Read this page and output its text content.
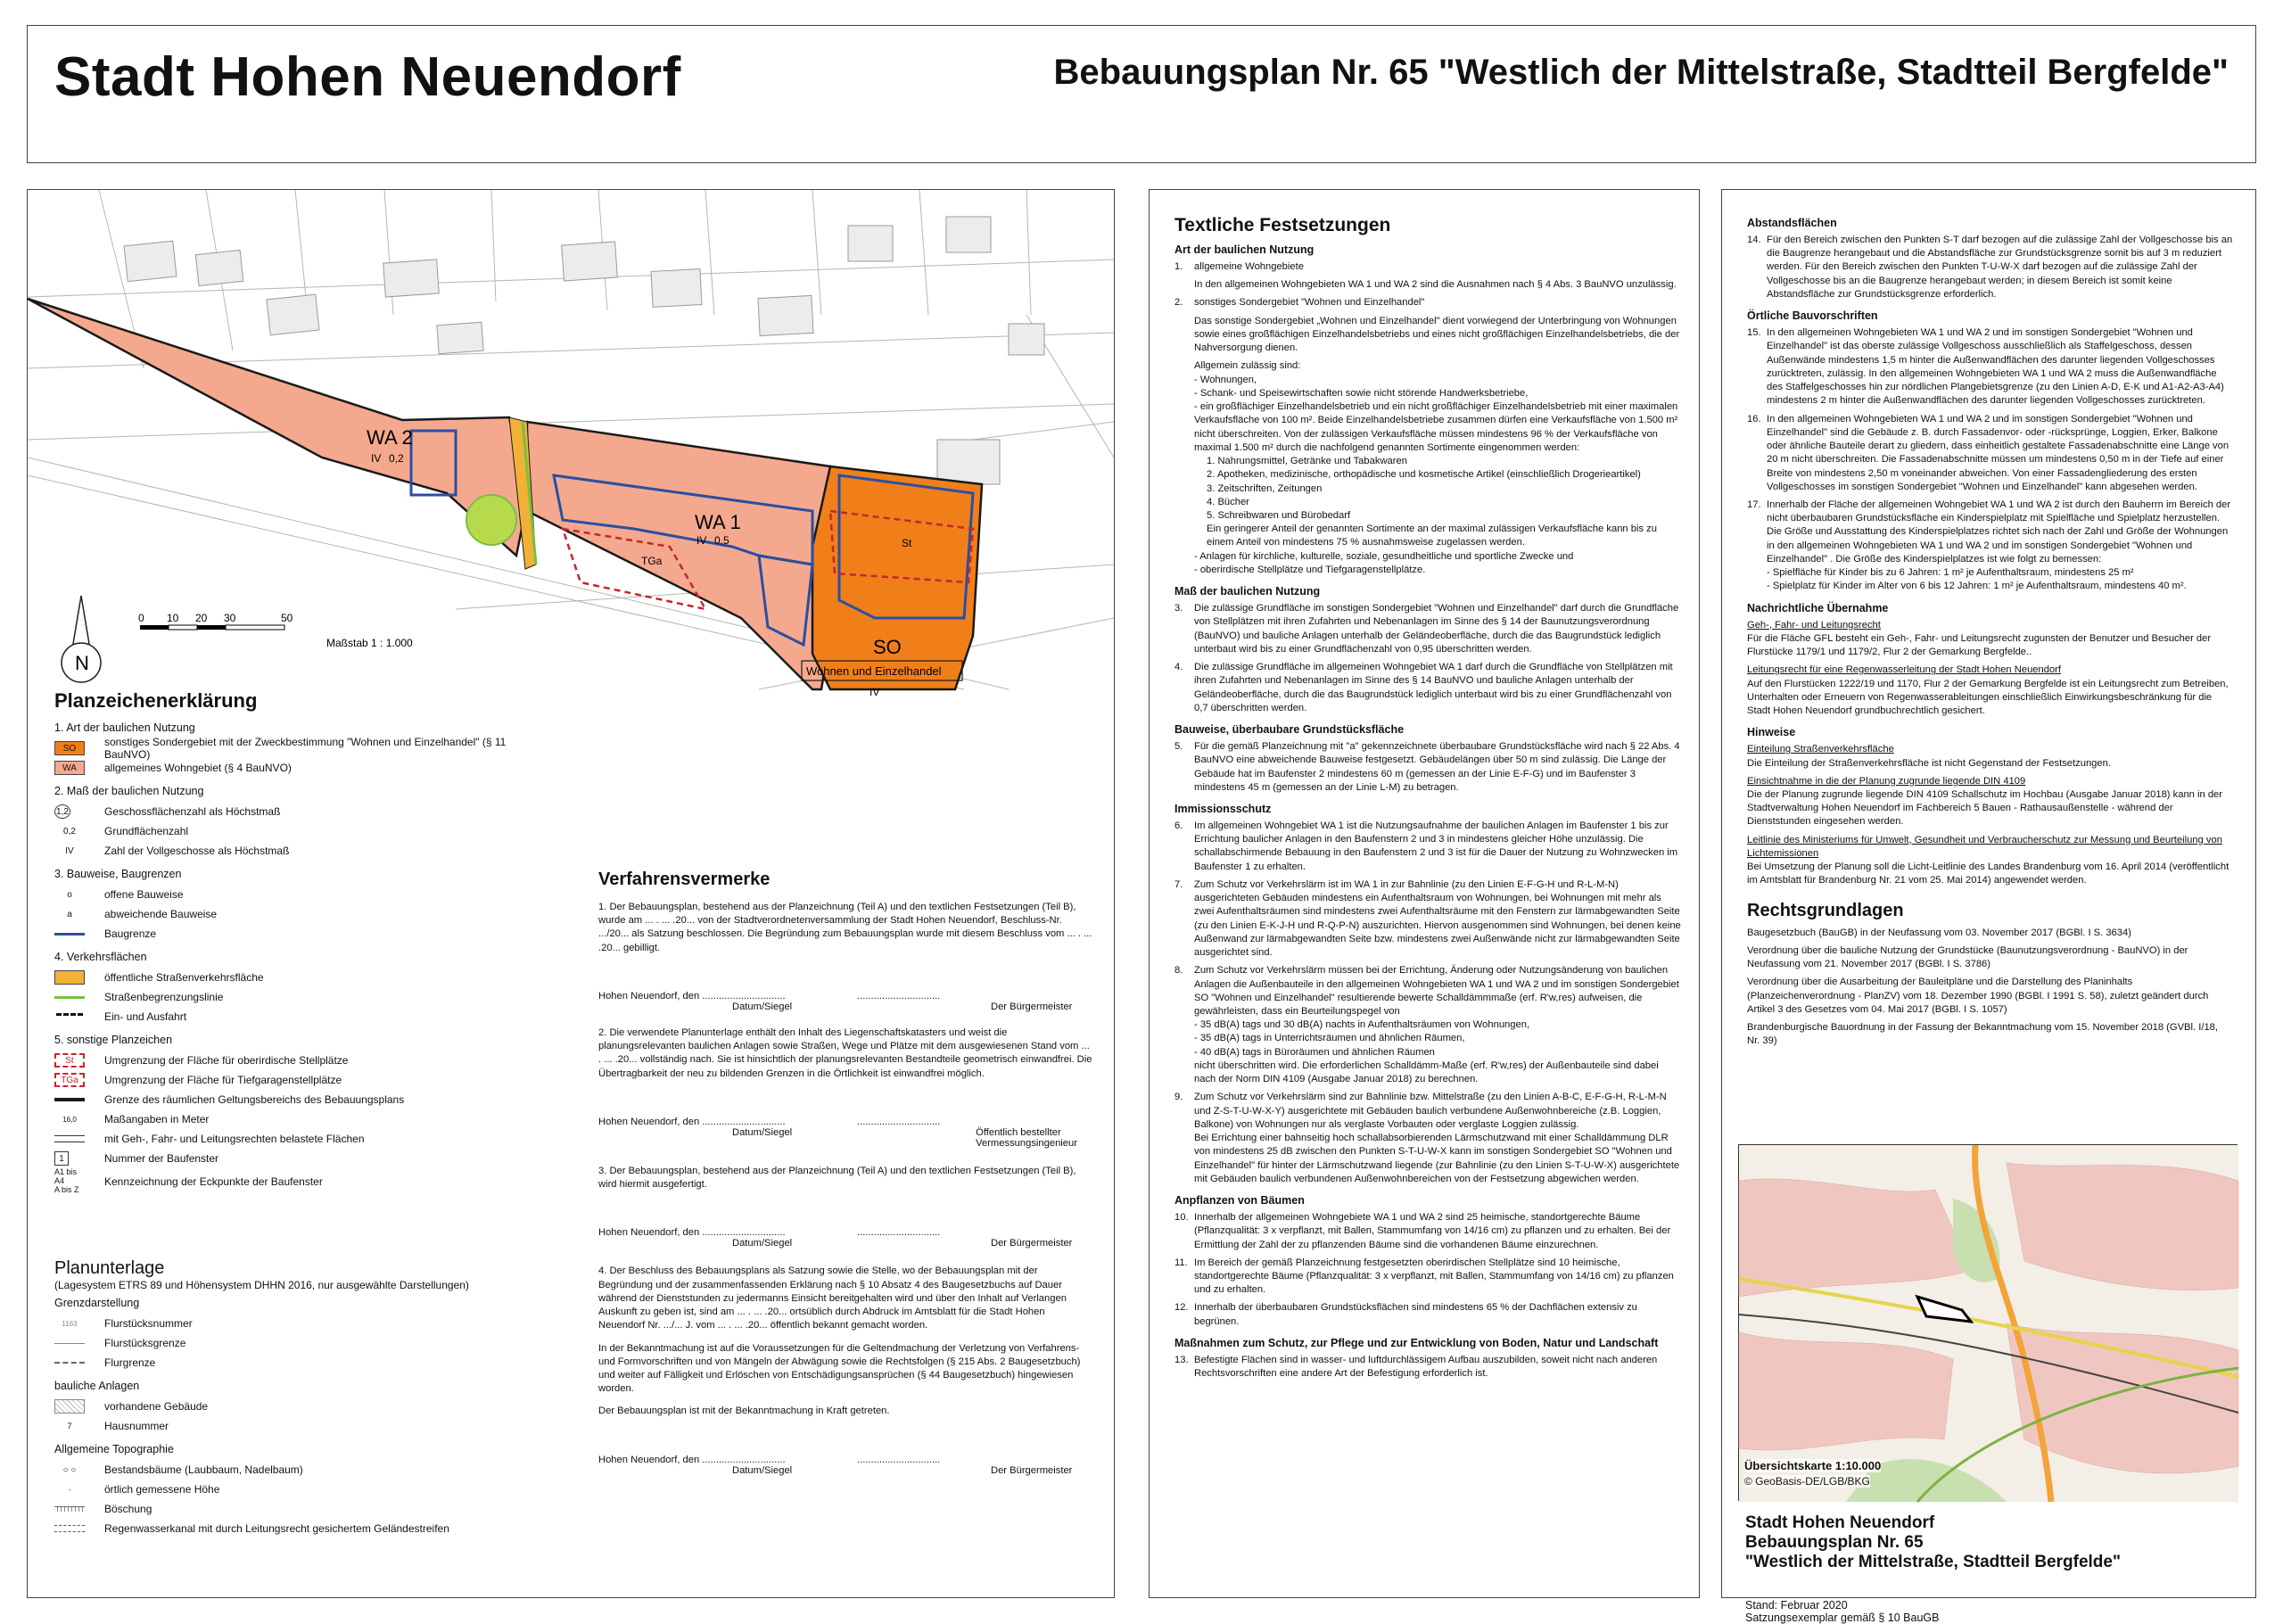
Stadt Hohen Neuendorf	Bebauungsplan Nr. 65 "Westlich der Mittelstraße, Stadtteil Bergfelde"
WA 2
WA 1
SO
Wohnen und Einzelhandel
TGa
St
IV 0,2
IV 0,5
IV
N
0 10 20 30	50
Maßstab 1 : 1.000
Planzeichenerklärung
1. Art der baulichen Nutzung
SO	sonstiges Sondergebiet mit der Zweckbestimmung "Wohnen und Einzelhandel" (§ 11 BauNVO)
WA	allgemeines Wohngebiet (§ 4 BauNVO)
2. Maß der baulichen Nutzung
1,2	Geschossflächenzahl als Höchstmaß
0,2	Grundflächenzahl
IV	Zahl der Vollgeschosse als Höchstmaß
3. Bauweise, Baugrenzen
o	offene Bauweise
a	abweichende Bauweise
Baugrenze
4. Verkehrsflächen
öffentliche Straßenverkehrsfläche
Straßenbegrenzungslinie
Ein- und Ausfahrt
5. sonstige Planzeichen
St	Umgrenzung der Fläche für oberirdische Stellplätze
TGa	Umgrenzung der Fläche für Tiefgaragenstellplätze
Grenze des räumlichen Geltungsbereichs des Bebauungsplans
16,0	Maßangaben in Meter
mit Geh-, Fahr- und Leitungsrechten belastete Flächen
1	Nummer der Baufenster
A1 bis A4
A bis Z
Kennzeichnung der Eckpunkte der Baufenster
Planunterlage
(Lagesystem ETRS 89 und Höhensystem DHHN 2016, nur ausgewählte Darstellungen)
Grenzdarstellung
1163	Flurstücksnummer
Flurstücksgrenze
Flurgrenze
bauliche Anlagen
vorhandene Gebäude
7	Hausnummer
Allgemeine Topographie
○ ○	Bestandsbäume (Laubbaum, Nadelbaum)
·	örtlich gemessene Höhe
Böschung
Regenwasserkanal mit durch Leitungsrecht gesichertem Geländestreifen
Verfahrensvermerke
1. Der Bebauungsplan, bestehend aus der Planzeichnung (Teil A) und den textlichen Festsetzungen (Teil B), wurde am ... . ... .20... von der Stadtverordnetenversammlung der Stadt Hohen Neuendorf, Beschluss-Nr. .../20... als Satzung beschlossen. Die Begründung zum Bebauungsplan wurde mit diesem Beschluss vom ... . ... .20... gebilligt.
Hohen Neuendorf, den ..............................	..............................
Datum/Siegel	Der Bürgermeister
2. Die verwendete Planunterlage enthält den Inhalt des Liegenschaftskatasters und weist die planungsrelevanten baulichen Anlagen sowie Straßen, Wege und Plätze mit dem ausgewiesenen Stand vom ... . ... .20... vollständig nach. Sie ist hinsichtlich der planungsrelevanten Bestandteile geometrisch einwandfrei. Die Übertragbarkeit der neu zu bildenden Grenzen in die Örtlichkeit ist einwandfrei möglich.
Hohen Neuendorf, den ..............................	..............................
Datum/Siegel	Öffentlich bestellter Vermessungsingenieur
3. Der Bebauungsplan, bestehend aus der Planzeichnung (Teil A) und den textlichen Festsetzungen (Teil B), wird hiermit ausgefertigt.
Hohen Neuendorf, den ..............................	..............................
Datum/Siegel	Der Bürgermeister
4. Der Beschluss des Bebauungsplans als Satzung sowie die Stelle, wo der Bebauungsplan mit der Begründung und der zusammenfassenden Erklärung nach § 10 Absatz 4 des Baugesetzbuchs auf Dauer während der Dienststunden zu jedermanns Einsicht bereitgehalten wird und über den Inhalt auf Verlangen Auskunft zu geben ist, sind am ... . ... .20... ortsüblich durch Abdruck im Amtsblatt für die Stadt Hohen Neuendorf Nr. .../... J. vom ... . ... .20... öffentlich bekannt gemacht worden.
In der Bekanntmachung ist auf die Voraussetzungen für die Geltendmachung der Verletzung von Verfahrens- und Formvorschriften und von Mängeln der Abwägung sowie die Rechtsfolgen (§ 215 Abs. 2 Baugesetzbuch) und weiter auf Fälligkeit und Erlöschen von Entschädigungsansprüchen (§ 44 Baugesetzbuch) hingewiesen worden.
Der Bebauungsplan ist mit der Bekanntmachung in Kraft getreten.
Hohen Neuendorf, den ..............................	..............................
Datum/Siegel	Der Bürgermeister
Textliche Festsetzungen
Art der baulichen Nutzung
1. allgemeine Wohngebiete
In den allgemeinen Wohngebieten WA 1 und WA 2 sind die Ausnahmen nach § 4 Abs. 3 BauNVO unzulässig.
2. sonstiges Sondergebiet "Wohnen und Einzelhandel"
Das sonstige Sondergebiet „Wohnen und Einzelhandel" dient vorwiegend der Unterbringung von Wohnungen sowie eines großflächigen Einzelhandelsbetriebs und eines nicht großflächigen Einzelhandelsbetriebs, die der Nahversorgung dienen.
Allgemein zulässig sind:
- Wohnungen,
- Schank- und Speisewirtschaften sowie nicht störende Handwerksbetriebe,
- ein großflächiger Einzelhandelsbetrieb und ein nicht großflächiger Einzelhandelsbetrieb mit einer maximalen Verkaufsfläche von 100 m². Beide Einzelhandelsbetriebe zusammen dürfen eine Verkaufsfläche von 1.500 m² nicht überschreiten. Von der zulässigen Verkaufsfläche müssen mindestens 96 % der Verkaufsfläche von maximal 1.500 m² durch die nachfolgend genannten Sortimente eingenommen werden:
1. Nahrungsmittel, Getränke und Tabakwaren
2. Apotheken, medizinische, orthopädische und kosmetische Artikel (einschließlich Drogerieartikel)
3. Zeitschriften, Zeitungen
4. Bücher
5. Schreibwaren und Bürobedarf
Ein geringerer Anteil der genannten Sortimente an der maximal zulässigen Verkaufsfläche kann bis zu einem Anteil von mindestens 75 % ausnahmsweise zugelassen werden.
- Anlagen für kirchliche, kulturelle, soziale, gesundheitliche und sportliche Zwecke und
- oberirdische Stellplätze und Tiefgaragenstellplätze.
Maß der baulichen Nutzung
3. Die zulässige Grundfläche im sonstigen Sondergebiet "Wohnen und Einzelhandel" darf durch die Grundfläche von Stellplätzen mit ihren Zufahrten und Nebenanlagen im Sinne des § 14 der Baunutzungsverordnung (BauNVO) und bauliche Anlagen unterhalb der Geländeoberfläche, durch die das Baugrundstück lediglich unterbaut wird bis zu einer Grundflächenzahl von 0,95 überschritten werden.
4. Die zulässige Grundfläche im allgemeinen Wohngebiet WA 1 darf durch die Grundfläche von Stellplätzen mit ihren Zufahrten und Nebenanlagen im Sinne des § 14 BauNVO und bauliche Anlagen unterhalb der Geländeoberfläche, durch die das Baugrundstück lediglich unterbaut wird bis zu einer Grundflächenzahl von 0,7 überschritten werden.
Bauweise, überbaubare Grundstücksfläche
5. Für die gemäß Planzeichnung mit "a" gekennzeichnete überbaubare Grundstücksfläche wird nach § 22 Abs. 4 BauNVO eine abweichende Bauweise festgesetzt. Gebäudelängen über 50 m sind zulässig. Die Länge der Gebäude hat im Baufenster 2 mindestens 60 m (gemessen an der Linie E-F-G) und im Baufenster 3 mindestens 45 m (gemessen an der Linie L-M) zu betragen.
Immissionsschutz
6. Im allgemeinen Wohngebiet WA 1 ist die Nutzungsaufnahme der baulichen Anlagen im Baufenster 1 bis zur Errichtung baulicher Anlagen in den Baufenstern 2 und 3 in mindestens gleicher Höhe unzulässig. Die schallabschirmende Bebauung in den Baufenstern 2 und 3 ist für die Dauer der Nutzung zu Wohnzwecken im Baufenster 1 zu erhalten.
7. Zum Schutz vor Verkehrslärm ist im WA 1 in zur Bahnlinie (zu den Linien E-F-G-H und R-L-M-N) ausgerichteten Gebäuden mindestens ein Aufenthaltsraum von Wohnungen, bei Wohnungen mit mehr als zwei Aufenthaltsräumen sind mindestens zwei Aufenthaltsräume mit den Fenstern zur lärmabgewandten Seite (zu den Linien E-K-J-H und R-Q-P-N) auszurichten. Hiervon ausgenommen sind Wohnungen, bei denen keine Außenwand zur lärmabgewandten Seite bzw. mindestens zwei Außenwände nicht zur lärmabgewandten Seite ausgerichtet sind.
8. Zum Schutz vor Verkehrslärm müssen bei der Errichtung, Änderung oder Nutzungsänderung von baulichen Anlagen die Außenbauteile in den allgemeinen Wohngebieten WA 1 und WA 2 und im sonstigen Sondergebiet SO "Wohnen und Einzelhandel" resultierende bewerte Schalldämmmaße (erf. R'w,res) aufweisen, die gewährleisten, dass ein Beurteilungspegel von
- 35 dB(A) tags und 30 dB(A) nachts in Aufenthaltsräumen von Wohnungen,
- 35 dB(A) tags in Unterrichtsräumen und ähnlichen Räumen,
- 40 dB(A) tags in Büroräumen und ähnlichen Räumen
nicht überschritten wird. Die erforderlichen Schalldämm-Maße (erf. R'w,res) der Außenbauteile sind dabei nach der Norm DIN 4109 (Ausgabe Januar 2018) zu berechnen.
9. Zum Schutz vor Verkehrslärm sind zur Bahnlinie bzw. Mittelstraße (zu den Linien A-B-C, E-F-G-H, R-L-M-N und Z-S-T-U-W-X-Y) ausgerichtete mit Gebäuden baulich verbundene Außenwohnbereiche (z.B. Loggien, Balkone) von Wohnungen nur als verglaste Vorbauten oder verglaste Loggien zulässig.
Bei Errichtung einer bahnseitig hoch schallabsorbierenden Lärmschutzwand mit einer Schalldämmung DLR von mindestens 25 dB zwischen den Punkten S-T-U-W-X kann im sonstigen Sondergebiet SO "Wohnen und Einzelhandel" für hinter der Lärmschutzwand liegende (zur Bahnlinie (zu den Linien S-T-U-W-X) ausgerichtete mit Gebäuden baulich verbundenen Außenwohnbereichen von der Festsetzung abgewichen werden.
Anpflanzen von Bäumen
10. Innerhalb der allgemeinen Wohngebiete WA 1 und WA 2 sind 25 heimische, standortgerechte Bäume (Pflanzqualität: 3 x verpflanzt, mit Ballen, Stammumfang von 14/16 cm) zu pflanzen und zu erhalten. Bei der Ermittlung der Zahl der zu pflanzenden Bäume sind die vorhandenen Bäume einzurechnen.
11. Im Bereich der gemäß Planzeichnung festgesetzten oberirdischen Stellplätze sind 10 heimische, standortgerechte Bäume (Pflanzqualität: 3 x verpflanzt, mit Ballen, Stammumfang von 14/16 cm) zu pflanzen und zu erhalten.
12. Innerhalb der überbaubaren Grundstücksflächen sind mindestens 65 % der Dachflächen extensiv zu begrünen.
Maßnahmen zum Schutz, zur Pflege und zur Entwicklung von Boden, Natur und Landschaft
13. Befestigte Flächen sind in wasser- und luftdurchlässigem Aufbau auszubilden, soweit nicht nach anderen Rechtsvorschriften eine andere Art der Befestigung erforderlich ist.
Abstandsflächen
14. Für den Bereich zwischen den Punkten S-T darf bezogen auf die zulässige Zahl der Vollgeschosse bis an die Baugrenze herangebaut und die Abstandsfläche zur Grundstücksgrenze somit bis auf 3 m reduziert werden. Für den Bereich zwischen den Punkten T-U-W-X darf bezogen auf die zulässige Zahl der Vollgeschosse bis an die Baugrenze herangebaut werden; in diesem Bereich ist somit keine Abstandsfläche zur Grundstücksgrenze erforderlich.
Örtliche Bauvorschriften
15. In den allgemeinen Wohngebieten WA 1 und WA 2 und im sonstigen Sondergebiet "Wohnen und Einzelhandel" ist das oberste zulässige Vollgeschoss ausschließlich als Staffelgeschoss, dessen Außenwände mindestens 1,5 m hinter die Außenwandflächen des darunter liegenden Vollgeschosses zurücktreten, zulässig. In den allgemeinen Wohngebieten WA 1 und WA 2 muss die Außenwandfläche des Staffelgeschosses hin zur nördlichen Plangebietsgrenze (zu den Linien A-D, E-K und A1-A2-A3-A4) mindestens 2 m hinter die Außenwandflächen des darunter liegenden Vollgeschosses zurücktreten.
16. In den allgemeinen Wohngebieten WA 1 und WA 2 und im sonstigen Sondergebiet "Wohnen und Einzelhandel" sind die Gebäude z. B. durch Fassadenvor- oder -rücksprünge, Loggien, Erker, Balkone oder ähnliche Bauteile derart zu gliedern, dass einheitlich gestaltete Fassadenabschnitte eine Länge von 20 m nicht überschreiten. Die Fassadenabschnitte müssen um mindestens 0,50 m in der Tiefe auf einer Breite von mindestens 2,50 m voneinander abweichen. Von einer Fassadengliederung des ersten Vollgeschosses im sonstigen Sondergebiet "Wohnen und Einzelhandel" kann abgesehen werden.
17. Innerhalb der Fläche der allgemeinen Wohngebiet WA 1 und WA 2 ist durch den Bauherrn im Bereich der nicht überbaubaren Grundstücksfläche ein Kinderspielplatz mit Spielfläche und Spielplatz herzustellen. Die Größe und Ausstattung des Kinderspielplatzes richtet sich nach der Zahl und Größe der Wohnungen in den allgemeinen Wohngebieten WA 1 und WA 2 und im sonstigen Sondergebiet "Wohnen und Einzelhandel" . Die Größe des Kinderspielplatzes ist wie folgt zu bemessen:
- Spielfläche für Kinder bis zu 6 Jahren: 1 m² je Aufenthaltsraum, mindestens 25 m²
- Spielplatz für Kinder im Alter von 6 bis 12 Jahren: 1 m² je Aufenthaltsraum, mindestens 40 m².
Nachrichtliche Übernahme
Geh-, Fahr- und Leitungsrecht
Für die Fläche GFL besteht ein Geh-, Fahr- und Leitungsrecht zugunsten der Benutzer und Besucher der Flurstücke 1179/1 und 1179/2, Flur 2 der Gemarkung Bergfelde..
Leitungsrecht für eine Regenwasserleitung der Stadt Hohen Neuendorf
Auf den Flurstücken 1222/19 und 1170, Flur 2 der Gemarkung Bergfelde ist ein Leitungsrecht zum Betreiben, Unterhalten oder Erneuern von Regenwasserableitungen einschließlich Einwirkungsbeschränkung für die Stadt Hohen Neuendorf grundbuchrechtlich gesichert.
Hinweise
Einteilung Straßenverkehrsfläche
Die Einteilung der Straßenverkehrsfläche ist nicht Gegenstand der Festsetzungen.
Einsichtnahme in die der Planung zugrunde liegende DIN 4109
Die der Planung zugrunde liegende DIN 4109 Schallschutz im Hochbau (Ausgabe Januar 2018) kann in der Stadtverwaltung Hohen Neuendorf im Fachbereich 5 Bauen - Rathausaußenstelle - während der Dienststunden eingesehen werden.
Leitlinie des Ministeriums für Umwelt, Gesundheit und Verbraucherschutz zur Messung und Beurteilung von Lichtemissionen
Bei Umsetzung der Planung soll die Licht-Leitlinie des Landes Brandenburg vom 16. April 2014 (veröffentlicht im Amtsblatt für Brandenburg Nr. 21 vom 25. Mai 2014) angewendet werden.
Rechtsgrundlagen
Baugesetzbuch (BauGB) in der Neufassung vom 03. November 2017 (BGBl. I S. 3634)
Verordnung über die bauliche Nutzung der Grundstücke (Baunutzungsverordnung - BauNVO) in der Neufassung vom 21. November 2017 (BGBl. I S. 3786)
Verordnung über die Ausarbeitung der Bauleitpläne und die Darstellung des Planinhalts (Planzeichenverordnung - PlanZV) vom 18. Dezember 1990 (BGBl. I 1991 S. 58), zuletzt geändert durch Artikel 3 des Gesetzes vom 04. Mai 2017 (BGBl. I S. 1057)
Brandenburgische Bauordnung in der Fassung der Bekanntmachung vom 15. November 2018 (GVBl. I/18, Nr. 39)
Übersichtskarte 1:10.000
© GeoBasis-DE/LGB/BKG
Stadt Hohen Neuendorf
Bebauungsplan Nr. 65
"Westlich der Mittelstraße, Stadtteil Bergfelde"
Stand: Februar 2020
Satzungsexemplar gemäß § 10 BauGB
